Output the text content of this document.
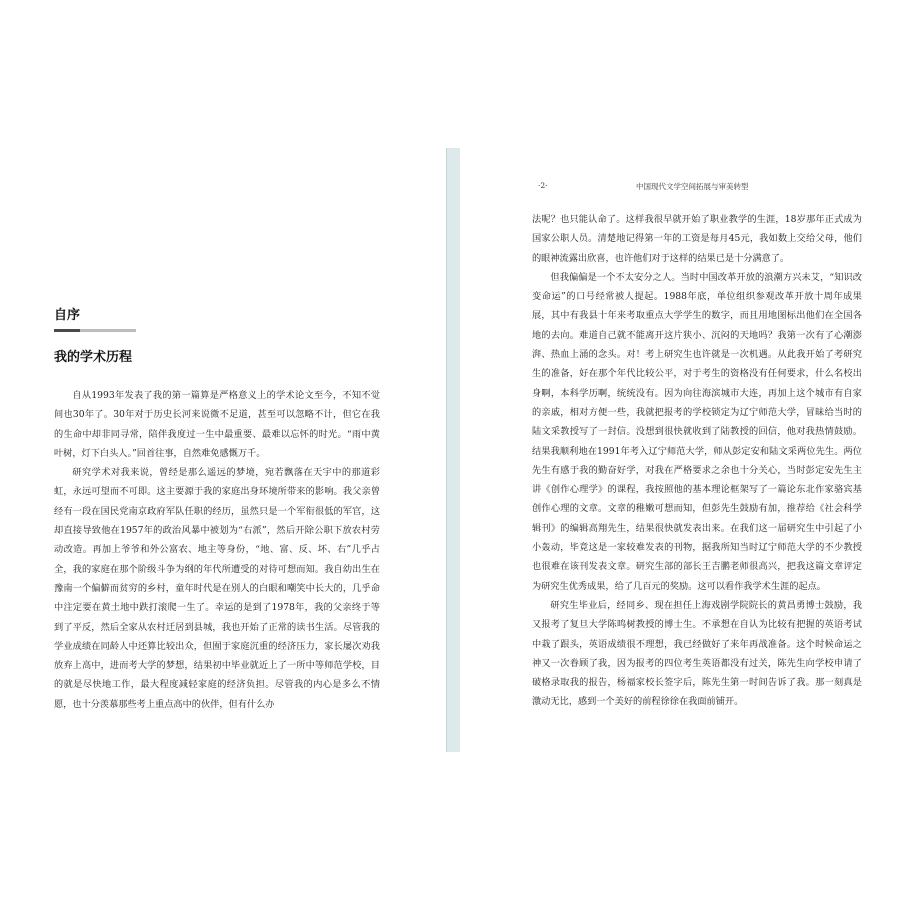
自序
我的学术历程

自从1993年发表了我的第一篇算是严格意义上的学术论文至今，不知不觉间也30年了。30年对于历史长河来说微不足道，甚至可以忽略不计，但它在我的生命中却非同寻常，陪伴我度过一生中最重要、最难以忘怀的时光。“雨中黄叶树，灯下白头人。”回首往事，自然难免感慨万千。

研究学术对我来说，曾经是那么遥远的梦境，宛若飘落在天宇中的那道彩虹，永远可望而不可即。这主要源于我的家庭出身环境所带来的影响。我父亲曾经有一段在国民党南京政府军队任职的经历，虽然只是一个军衔很低的军官，这却直接导致他在1957年的政治风暴中被划为“右派”，然后开除公职下放农村劳动改造。再加上爷爷和外公富农、地主等身份，“地、富、反、坏、右”几乎占全，我的家庭在那个阶级斗争为纲的年代所遭受的对待可想而知。我自幼出生在豫南一个偏僻而贫穷的乡村，童年时代是在别人的白眼和嘲笑中长大的，几乎命中注定要在黄土地中跌打滚爬一生了。幸运的是到了1978年，我的父亲终于等到了平反，然后全家从农村迁居到县城，我也开始了正常的读书生活。尽管我的学业成绩在同龄人中还算比较出众，但囿于家庭沉重的经济压力，家长屡次劝我放弃上高中，进而考大学的梦想，结果初中毕业就近上了一所中等师范学校，目的就是尽快地工作，最大程度减轻家庭的经济负担。尽管我的内心是多么不情愿，也十分羡慕那些考上重点高中的伙伴，但有什么办

·2·	中国现代文学空间拓展与审美转型

法呢？也只能认命了。这样我很早就开始了职业教学的生涯，18岁那年正式成为国家公职人员。清楚地记得第一年的工资是每月45元，我如数上交给父母，他们的眼神流露出欣喜，也许他们对于这样的结果已是十分满意了。

但我偏偏是一个不太安分之人。当时中国改革开放的浪潮方兴未艾，“知识改变命运”的口号经常被人提起。1988年底，单位组织参观改革开放十周年成果展，其中有我县十年来考取重点大学学生的数字，而且用地图标出他们在全国各地的去向。难道自己就不能离开这片狭小、沉闷的天地吗？我第一次有了心潮澎湃、热血上涌的念头。对！考上研究生也许就是一次机遇。从此我开始了考研究生的准备，好在那个年代比较公平，对于考生的资格没有任何要求，什么名校出身啊，本科学历啊，统统没有。因为向往海滨城市大连，再加上这个城市有自家的亲戚，相对方便一些，我就把报考的学校锁定为辽宁师范大学，冒昧给当时的陆文采教授写了一封信。没想到很快就收到了陆教授的回信，他对我热情鼓励。结果我顺利地在1991年考入辽宁师范大学，师从彭定安和陆文采两位先生。两位先生有感于我的勤奋好学，对我在严格要求之余也十分关心，当时彭定安先生主讲《创作心理学》的课程，我按照他的基本理论框架写了一篇论东北作家骆宾基创作心理的文章。文章的稚嫩可想而知，但彭先生鼓励有加，推荐给《社会科学辑刊》的编辑高翔先生，结果很快就发表出来。在我们这一届研究生中引起了小小轰动，毕竟这是一家较难发表的刊物，据我所知当时辽宁师范大学的不少教授也很难在该刊发表文章。研究生部的部长王吉鹏老师很高兴，把我这篇文章评定为研究生优秀成果，给了几百元的奖励。这可以看作我学术生涯的起点。

研究生毕业后，经同乡、现在担任上海戏剧学院院长的黄昌勇博士鼓励，我又报考了复旦大学陈鸣树教授的博士生。不承想在自认为比较有把握的英语考试中栽了跟头，英语成绩很不理想，我已经做好了来年再战准备。这个时候命运之神又一次眷顾了我，因为报考的四位考生英语都没有过关，陈先生向学校申请了破格录取我的报告，杨福家校长签字后，陈先生第一时间告诉了我。那一刻真是激动无比，感到一个美好的前程徐徐在我面前铺开。
